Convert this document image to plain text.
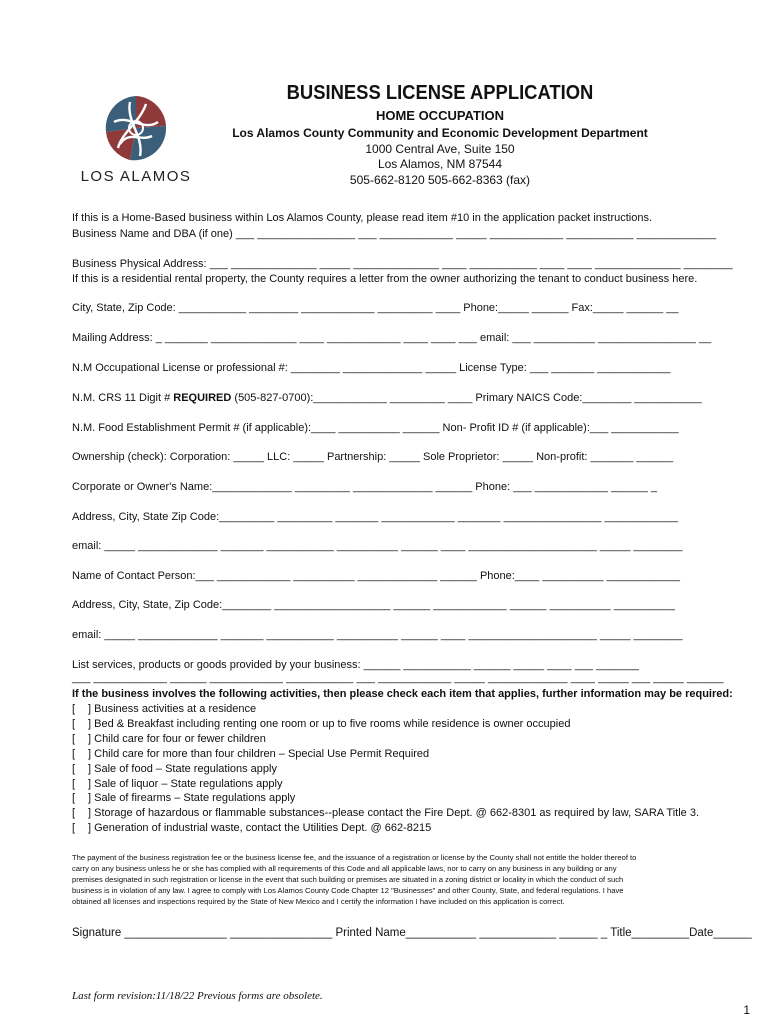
LOS ALAMOS
BUSINESS LICENSE APPLICATION
HOME OCCUPATION
Los Alamos County Community and Economic Development Department
1000 Central Ave, Suite 150
Los Alamos, NM 87544
505-662-8120 505-662-8363 (fax)
If this is a Home-Based business within Los Alamos County, please read item #10 in the application packet instructions.
Business Name and DBA (if one) ___ ________________ ___ ____________ _____ ____________ ___________ _____________
Business Physical Address: ___ ______________ _____ ______________ ____ ___________ ____ ____ ______________ ________
If this is a residential rental property, the County requires a letter from the owner authorizing the tenant to conduct business here.
City, State, Zip Code: ___________ ________ ____________ _________ ____ Phone:_____ ______ Fax:_____ ______ __
Mailing Address: _ _______ ______________ ____ ____________ ____ ____ ___ email: ___ __________ ________________ __
N.M Occupational License or professional #: ________ _____________ _____ License Type: ___ _______ ____________
N.M. CRS 11 Digit # REQUIRED (505-827-0700):____________ _________ ____ Primary NAICS Code:________ ___________
N.M. Food Establishment Permit # (if applicable):____ __________ ______ Non- Profit ID # (if applicable):___ ___________
Ownership (check): Corporation: _____ LLC: _____ Partnership: _____ Sole Proprietor: _____ Non-profit: _______ ______
Corporate or Owner's Name:_____________ _________ _____________ ______ Phone: ___ ____________ ______ _
Address, City, State Zip Code:_________ _________ _______ ____________ _______ ________________ ____________
email: _____ _____________ _______ ___________ __________ ______ ____ _____________________ _____ ________
Name of Contact Person:___ ____________ __________ _____________ ______ Phone:____ __________ ____________
Address, City, State, Zip Code:________ ___________________ ______ ____________ ______ __________ __________
email: _____ _____________ _______ ___________ __________ ______ ____ _____________________ _____ ________
List services, products or goods provided by your business: ______ ___________ ______ _____ ____ ___ _______
___ ____________ ______ ____________ ___________ ___ ____________ _____ _____________ ____ _____ ___ _____ ______
If the business involves the following activities, then please check each item that applies, further information may be required:
[ ] Business activities at a residence
[ ] Bed & Breakfast including renting one room or up to five rooms while residence is owner occupied
[ ] Child care for four or fewer children
[ ] Child care for more than four children – Special Use Permit Required
[ ] Sale of food – State regulations apply
[ ] Sale of liquor – State regulations apply
[ ] Sale of firearms – State regulations apply
[ ] Storage of hazardous or flammable substances--please contact the Fire Dept. @ 662-8301 as required by law, SARA Title 3.
[ ] Generation of industrial waste, contact the Utilities Dept. @ 662-8215
The payment of the business registration fee or the business license fee, and the issuance of a registration or license by the County shall not entitle the holder thereof to
carry on any business unless he or she has complied with all requirements of this Code and all applicable laws, nor to carry on any business in any building or any
premises designated in such registration or license in the event that such building or premises are situated in a zoning district or locality in which the conduct of such
business is in violation of any law. I agree to comply with Los Alamos County Code Chapter 12 "Businesses" and other County, State, and federal regulations. I have
obtained all licenses and inspections required by the State of New Mexico and I certify the information I have included on this application is correct.
Signature ________________ ________________ Printed Name___________ ____________ ______ _ Title_________Date______
Last form revision:11/18/22 Previous forms are obsolete.
1
